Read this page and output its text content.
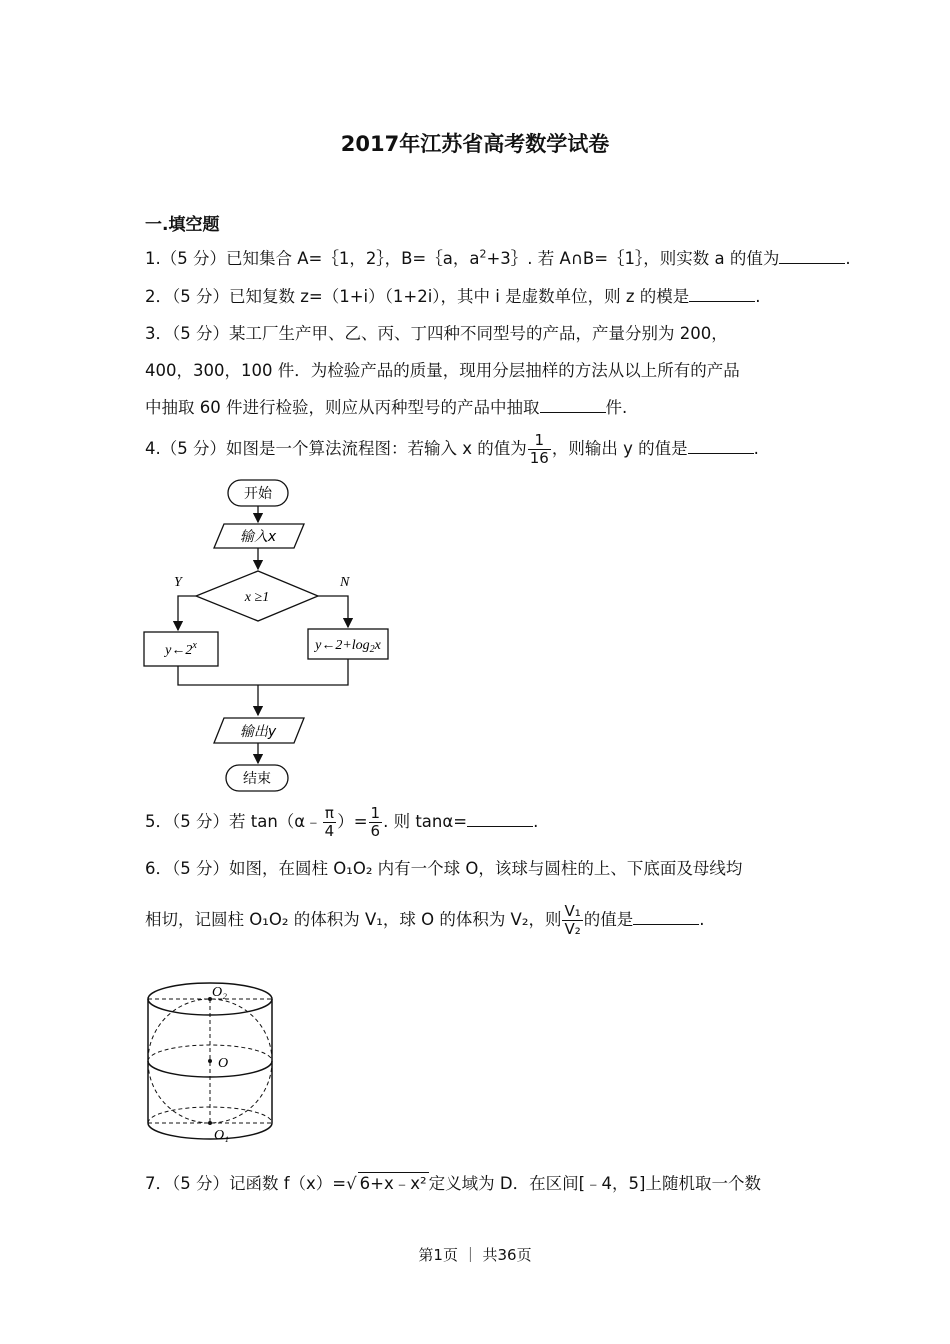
2017年江苏省高考数学试卷
一.填空题
1.（5 分）已知集合 A=｛1，2｝，B=｛a，$a^2+3\}$. 若 A∩B=｛1｝，则实数 a 的值为	.
2．（5 分）已知复数 z=（1+i）（1+2i），其中 i 是虚数单位，则 z 的模是	.
3．（5 分）某工厂生产甲、乙、丙、丁四种不同型号的产品，产量分别为 200，
400，300，100 件．为检验产品的质量，现用分层抽样的方法从以上所有的产品
中抽取 60 件进行检验，则应从丙种型号的产品中抽取	件.
4.（5 分）如图是一个算法流程图：若输入 x 的值为 $\frac{1}{16}$ ，则输出 y 的值是	.
开始
输入x
x ≥1
Y	N
y←2$^x$	$y\leftarrow 2+\log_2x$
输出y
结束
5．（5 分）若 tan（α﹣ $\frac{\pi}{4}$ ）= $\frac{1}{6}$ . 则 tanα=	.
6．（5 分）如图，在圆柱 O₁O₂ 内有一个球 O，该球与圆柱的上、下底面及母线均
相切，记圆柱 O₁O₂ 的体积为 V₁，球 O 的体积为 V₂，则 $\frac{\text{V₁}}{\text{V₂}}$ 的值是	.
O₂
O
O₁
7．（5 分）记函数 f（x）=√ 6+x﹣x² 定义域为 D．在区间[﹣4，5]上随机取一个数
第1页 ｜ 共36页
